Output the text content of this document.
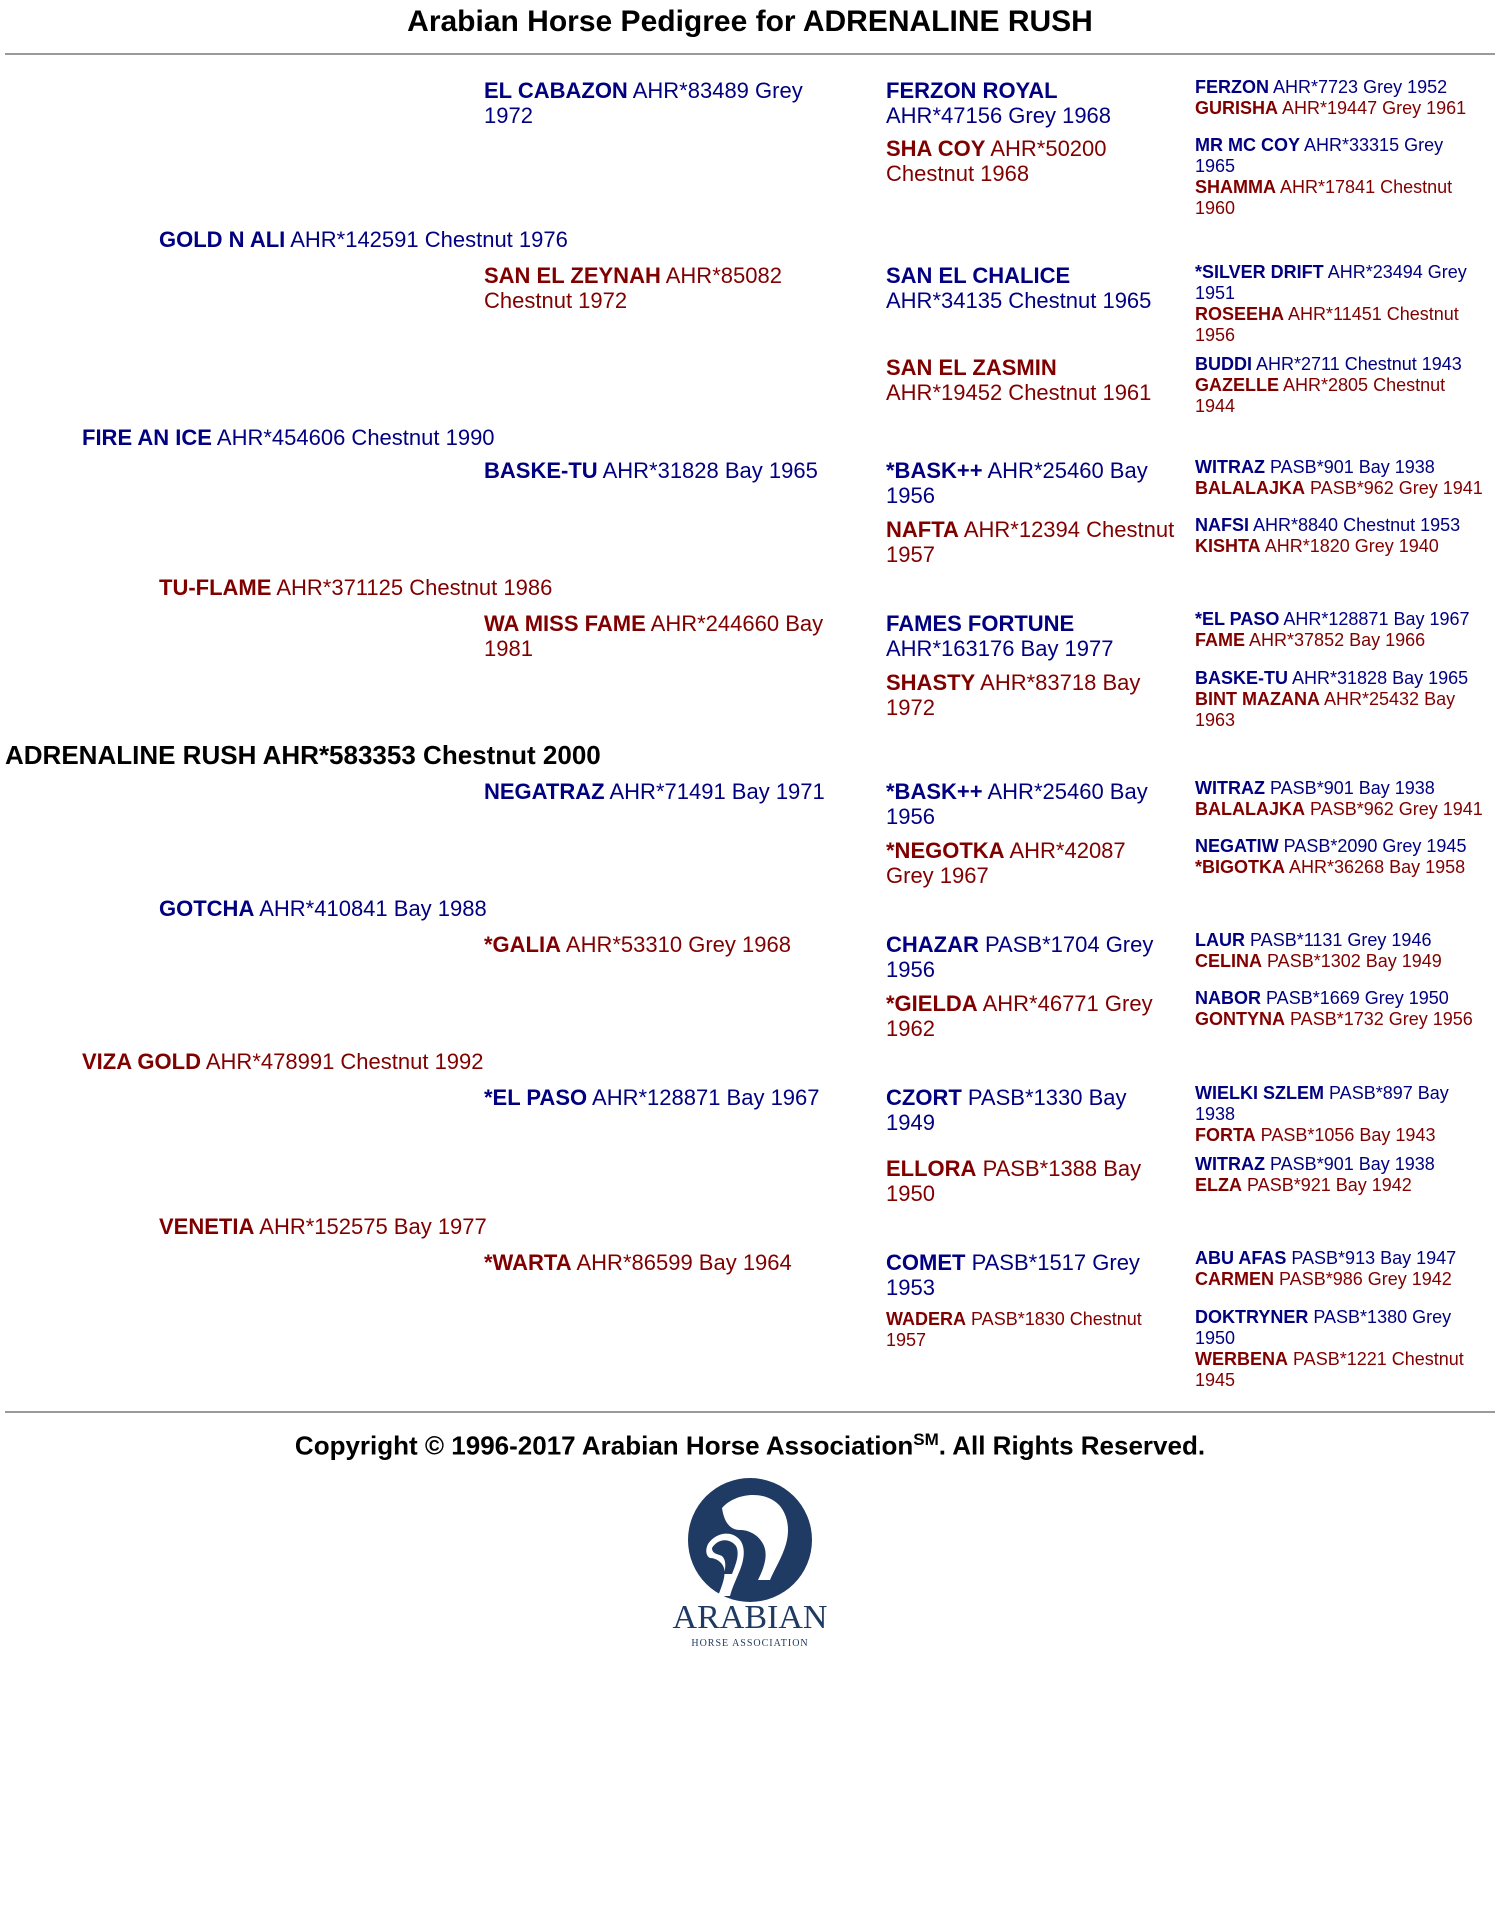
Arabian Horse Pedigree for ADRENALINE RUSH

ADRENALINE RUSH AHR*583353 Chestnut 2000

FIRE AN ICE AHR*454606 Chestnut 1990

VIZA GOLD AHR*478991 Chestnut 1992

GOLD N ALI AHR*142591 Chestnut 1976

TU-FLAME AHR*371125 Chestnut 1986

GOTCHA AHR*410841 Bay 1988

VENETIA AHR*152575 Bay 1977

EL CABAZON AHR*83489 Grey 1972

SAN EL ZEYNAH AHR*85082 Chestnut 1972

BASKE-TU AHR*31828 Bay 1965

WA MISS FAME AHR*244660 Bay 1981

NEGATRAZ AHR*71491 Bay 1971

*GALIA AHR*53310 Grey 1968

*EL PASO AHR*128871 Bay 1967

*WARTA AHR*86599 Bay 1964

FERZON ROYAL AHR*47156 Grey 1968

SHA COY AHR*50200 Chestnut 1968

SAN EL CHALICE AHR*34135 Chestnut 1965

SAN EL ZASMIN AHR*19452 Chestnut 1961

*BASK++ AHR*25460 Bay 1956

NAFTA AHR*12394 Chestnut 1957

FAMES FORTUNE AHR*163176 Bay 1977

SHASTY AHR*83718 Bay 1972

*BASK++ AHR*25460 Bay 1956

*NEGOTKA AHR*42087 Grey 1967

CHAZAR PASB*1704 Grey 1956

*GIELDA AHR*46771 Grey 1962

CZORT PASB*1330 Bay 1949

ELLORA PASB*1388 Bay 1950

COMET PASB*1517 Grey 1953

WADERA PASB*1830 Chestnut 1957

FERZON AHR*7723 Grey 1952

GURISHA AHR*19447 Grey 1961

MR MC COY AHR*33315 Grey 1965

SHAMMA AHR*17841 Chestnut 1960

*SILVER DRIFT AHR*23494 Grey 1951

ROSEEHA AHR*11451 Chestnut 1956

BUDDI AHR*2711 Chestnut 1943

GAZELLE AHR*2805 Chestnut 1944

WITRAZ PASB*901 Bay 1938

BALALAJKA PASB*962 Grey 1941

NAFSI AHR*8840 Chestnut 1953

KISHTA AHR*1820 Grey 1940

*EL PASO AHR*128871 Bay 1967

FAME AHR*37852 Bay 1966

BASKE-TU AHR*31828 Bay 1965

BINT MAZANA AHR*25432 Bay 1963

WITRAZ PASB*901 Bay 1938

BALALAJKA PASB*962 Grey 1941

NEGATIW PASB*2090 Grey 1945

*BIGOTKA AHR*36268 Bay 1958

LAUR PASB*1131 Grey 1946

CELINA PASB*1302 Bay 1949

NABOR PASB*1669 Grey 1950

GONTYNA PASB*1732 Grey 1956

WIELKI SZLEM PASB*897 Bay 1938

FORTA PASB*1056 Bay 1943

WITRAZ PASB*901 Bay 1938

ELZA PASB*921 Bay 1942

ABU AFAS PASB*913 Bay 1947

CARMEN PASB*986 Grey 1942

DOKTRYNER PASB*1380 Grey 1950

WERBENA PASB*1221 Chestnut 1945

Copyright © 1996-2017 Arabian Horse Association℠. All Rights Reserved.
ARABIAN
HORSE ASSOCIATION
